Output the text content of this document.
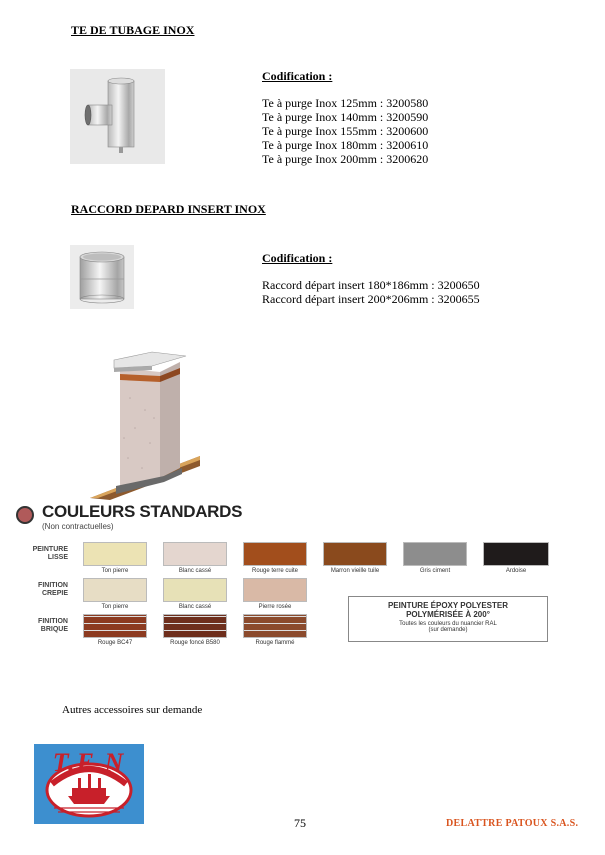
TE DE TUBAGE INOX
Codification :
Te à purge Inox 125mm : 3200580
Te à purge Inox 140mm : 3200590
Te à purge Inox 155mm : 3200600
Te à purge Inox 180mm : 3200610
Te à purge Inox 200mm : 3200620
RACCORD DEPARD INSERT INOX
Codification :
Raccord départ insert 180*186mm : 3200650
Raccord départ insert 200*206mm : 3200655
COULEURS STANDARDS
(Non contractuelles)
PEINTURE LISSE
Ton pierre	Blanc cassé	Rouge terre cuite	Marron vieille tuile	Gris ciment	Ardoise
FINITION CREPIE
Ton pierre	Blanc cassé	Pierre rosée	PEINTURE ÉPOXY POLYESTER
POLYMÉRISÉE À 200°
Toutes les couleurs du nuancier RAL
(sur demande)
FINITION BRIQUE
Rouge BC47	Rouge foncé B580	Rouge flammé
Autres accessoires sur demande
T.E.N
75	DELATTRE PATOUX S.A.S.
